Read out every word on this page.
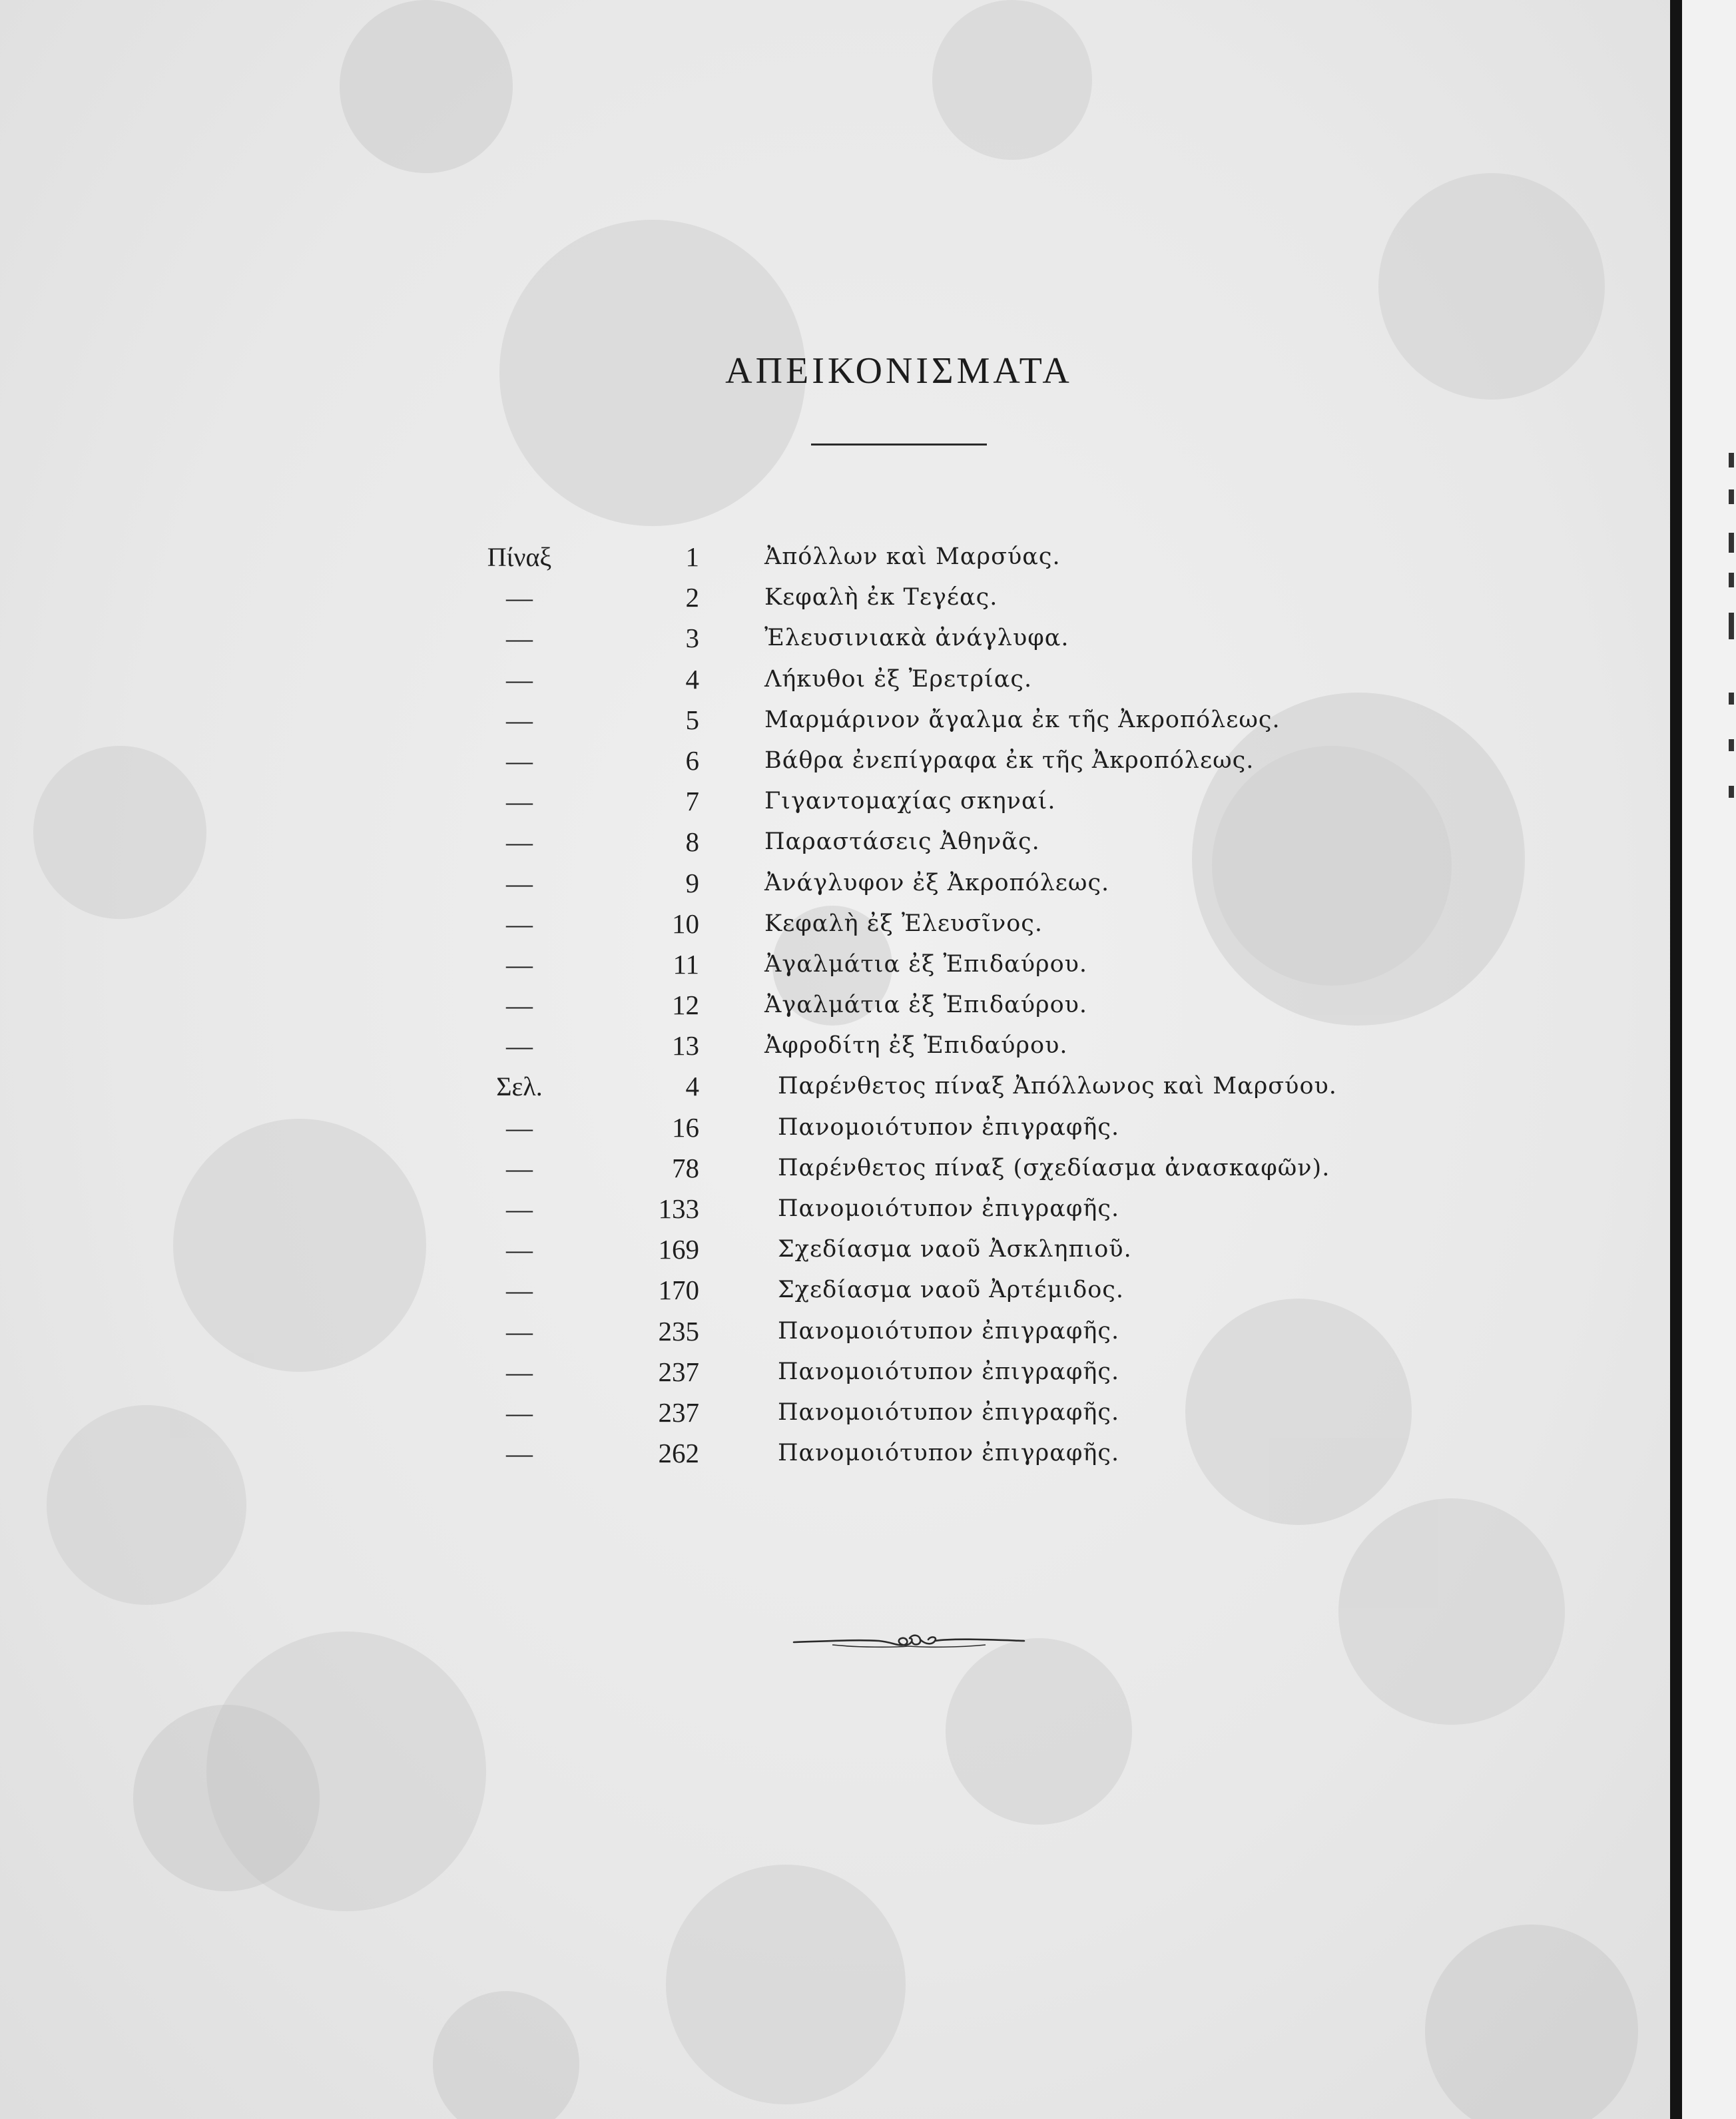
ΑΠΕΙΚΟΝΙΣΜΑΤΑ
Πίναξ	1	Ἀπόλλων καὶ Μαρσύας.
—	2	Κεφαλὴ ἐκ Τεγέας.
—	3	Ἐλευσινιακὰ ἀνάγλυφα.
—	4	Λήκυθοι ἐξ Ἐρετρίας.
—	5	Μαρμάρινον ἄγαλμα ἐκ τῆς Ἀκροπόλεως.
—	6	Βάθρα ἐνεπίγραφα ἐκ τῆς Ἀκροπόλεως.
—	7	Γιγαντομαχίας σκηναί.
—	8	Παραστάσεις Ἀθηνᾶς.
—	9	Ἀνάγλυφον ἐξ Ἀκροπόλεως.
—	10	Κεφαλὴ ἐξ Ἐλευσῖνος.
—	11	Ἀγαλμάτια ἐξ Ἐπιδαύρου.
—	12	Ἀγαλμάτια ἐξ Ἐπιδαύρου.
—	13	Ἀφροδίτη ἐξ Ἐπιδαύρου.
Σελ.	4	Παρένθετος πίναξ Ἀπόλλωνος καὶ Μαρσύου.
—	16	Πανομοιότυπον ἐπιγραφῆς.
—	78	Παρένθετος πίναξ (σχεδίασμα ἀνασκαφῶν).
—	133	Πανομοιότυπον ἐπιγραφῆς.
—	169	Σχεδίασμα ναοῦ Ἀσκληπιοῦ.
—	170	Σχεδίασμα ναοῦ Ἀρτέμιδος.
—	235	Πανομοιότυπον ἐπιγραφῆς.
—	237	Πανομοιότυπον ἐπιγραφῆς.
—	237	Πανομοιότυπον ἐπιγραφῆς.
—	262	Πανομοιότυπον ἐπιγραφῆς.
